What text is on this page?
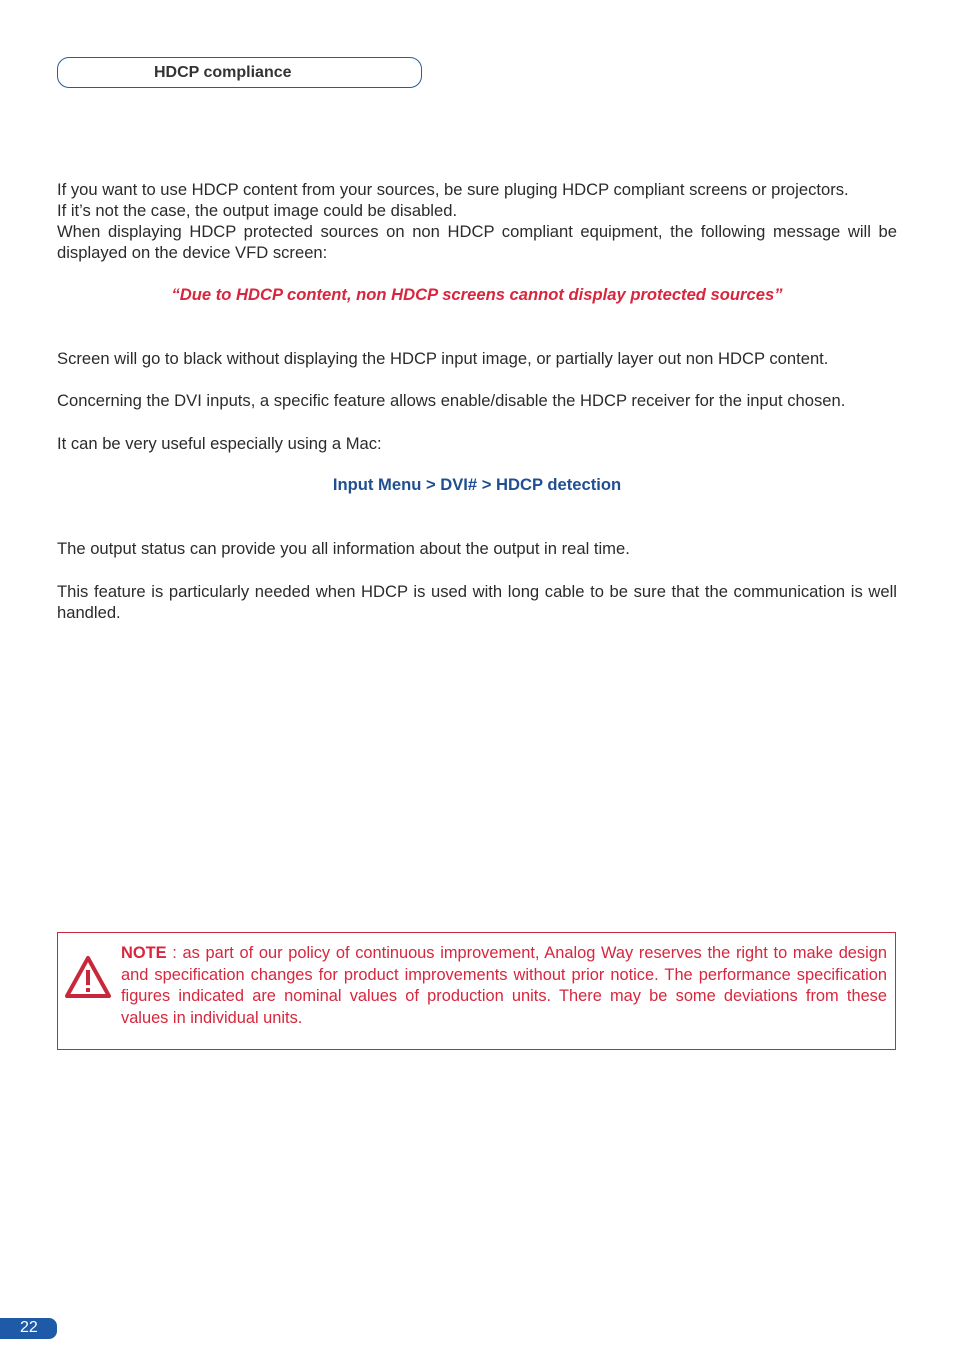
HDCP compliance

If you want to use HDCP content from your sources, be sure pluging HDCP compliant screens or projectors.

If it’s not the case, the output image could be disabled.

When displaying HDCP protected sources on non HDCP compliant equipment, the following message will be displayed on the device VFD screen:

“Due to HDCP content, non HDCP screens cannot display protected sources”

Screen will go to black without displaying the HDCP input image, or partially layer out non HDCP content.

Concerning the DVI inputs, a specific feature allows enable/disable the HDCP receiver for the input chosen.

It can be very useful especially using a Mac:

Input Menu > DVI# > HDCP detection

The output status can provide you all information about the output in real time.

This feature is particularly needed when HDCP is used with long cable to be sure that the communication is well handled.

NOTE : as part of our policy of continuous improvement, Analog Way reserves the right to make design and specification changes for product improvements without prior notice. The performance specification figures indicated are nominal values of production units. There may be some deviations from these values in individual units.

22
